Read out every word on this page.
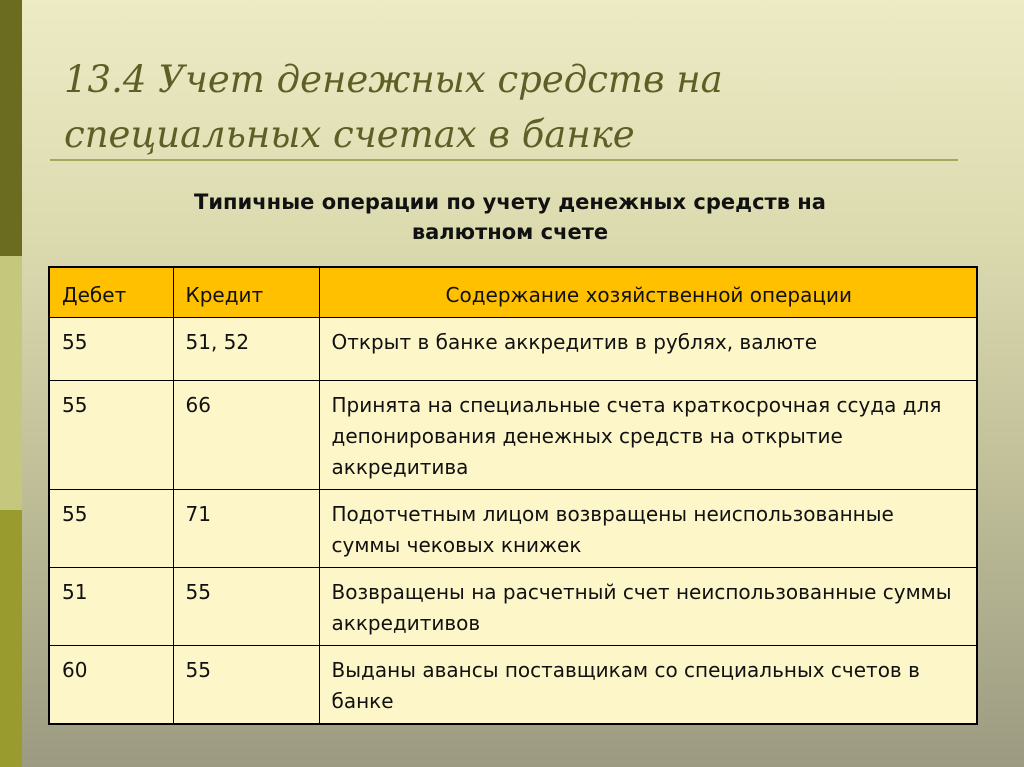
13.4 Учет денежных средств на
специальных счетах в банке
Типичные операции по учету денежных средств на
валютном счете
Дебет	Кредит	Содержание хозяйственной операции
55	51, 52	Открыт в банке аккредитив в рублях, валюте
55	66	Принята на специальные счета краткосрочная ссуда для депонирования денежных средств на открытие аккредитива
55	71	Подотчетным лицом возвращены неиспользованные суммы чековых книжек
51	55	Возвращены на расчетный счет неиспользованные суммы аккредитивов
60	55	Выданы авансы поставщикам со специальных счетов в банке
